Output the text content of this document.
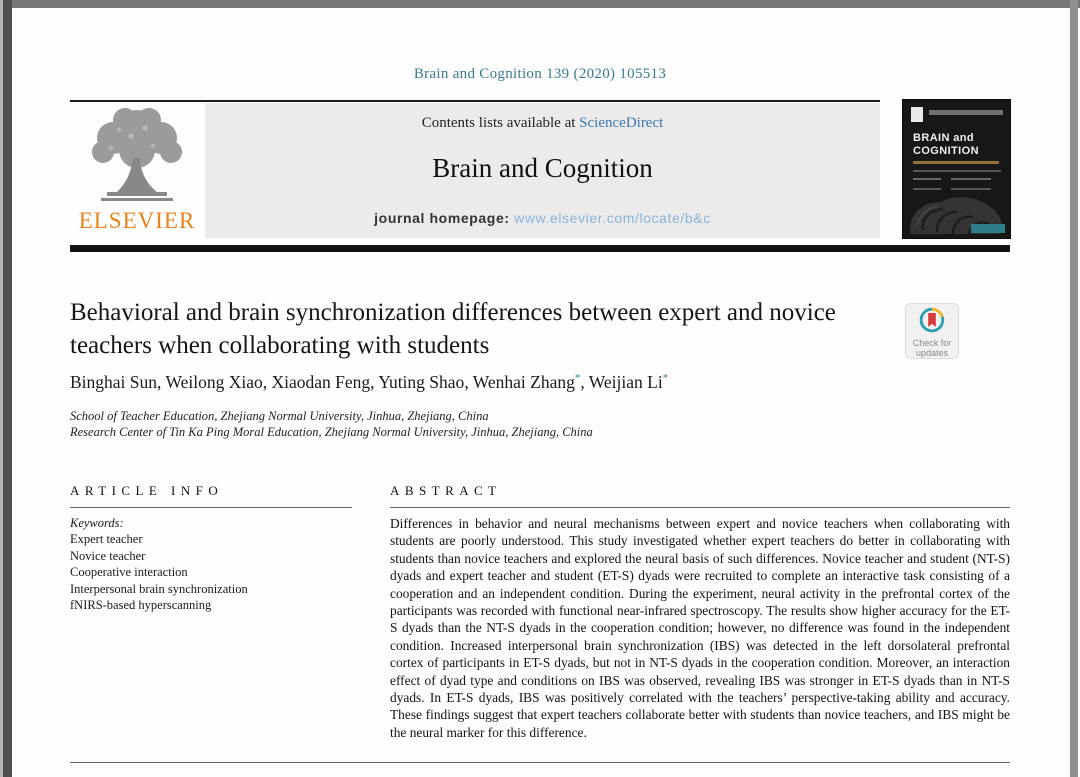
Brain and Cognition 139 (2020) 105513
ELSEVIER
Contents lists available at ScienceDirect
Brain and Cognition
journal homepage: www.elsevier.com/locate/b&c
BRAIN and
COGNITION
Behavioral and brain synchronization differences between expert and novice teachers when collaborating with students	Check for
updates
Binghai Sun, Weilong Xiao, Xiaodan Feng, Yuting Shao, Wenhai Zhang*, Weijian Li*
School of Teacher Education, Zhejiang Normal University, Jinhua, Zhejiang, China
Research Center of Tin Ka Ping Moral Education, Zhejiang Normal University, Jinhua, Zhejiang, China
ARTICLE INFO
Keywords:
Expert teacher
Novice teacher
Cooperative interaction
Interpersonal brain synchronization
fNIRS-based hyperscanning
ABSTRACT

Differences in behavior and neural mechanisms between expert and novice teachers when collaborating with students are poorly understood. This study investigated whether expert teachers do better in collaborating with students than novice teachers and explored the neural basis of such differences. Novice teacher and student (NT-S) dyads and expert teacher and student (ET-S) dyads were recruited to complete an interactive task consisting of a cooperation and an independent condition. During the experiment, neural activity in the prefrontal cortex of the participants was recorded with functional near-infrared spectroscopy. The results show higher accuracy for the ET-S dyads than the NT-S dyads in the cooperation condition; however, no difference was found in the independent condition. Increased interpersonal brain synchronization (IBS) was detected in the left dorsolateral prefrontal cortex of participants in ET-S dyads, but not in NT-S dyads in the cooperation condition. Moreover, an interaction effect of dyad type and conditions on IBS was observed, revealing IBS was stronger in ET-S dyads than in NT-S dyads. In ET-S dyads, IBS was positively correlated with the teachers’ perspective-taking ability and accuracy. These findings suggest that expert teachers collaborate better with students than novice teachers, and IBS might be the neural marker for this difference.
